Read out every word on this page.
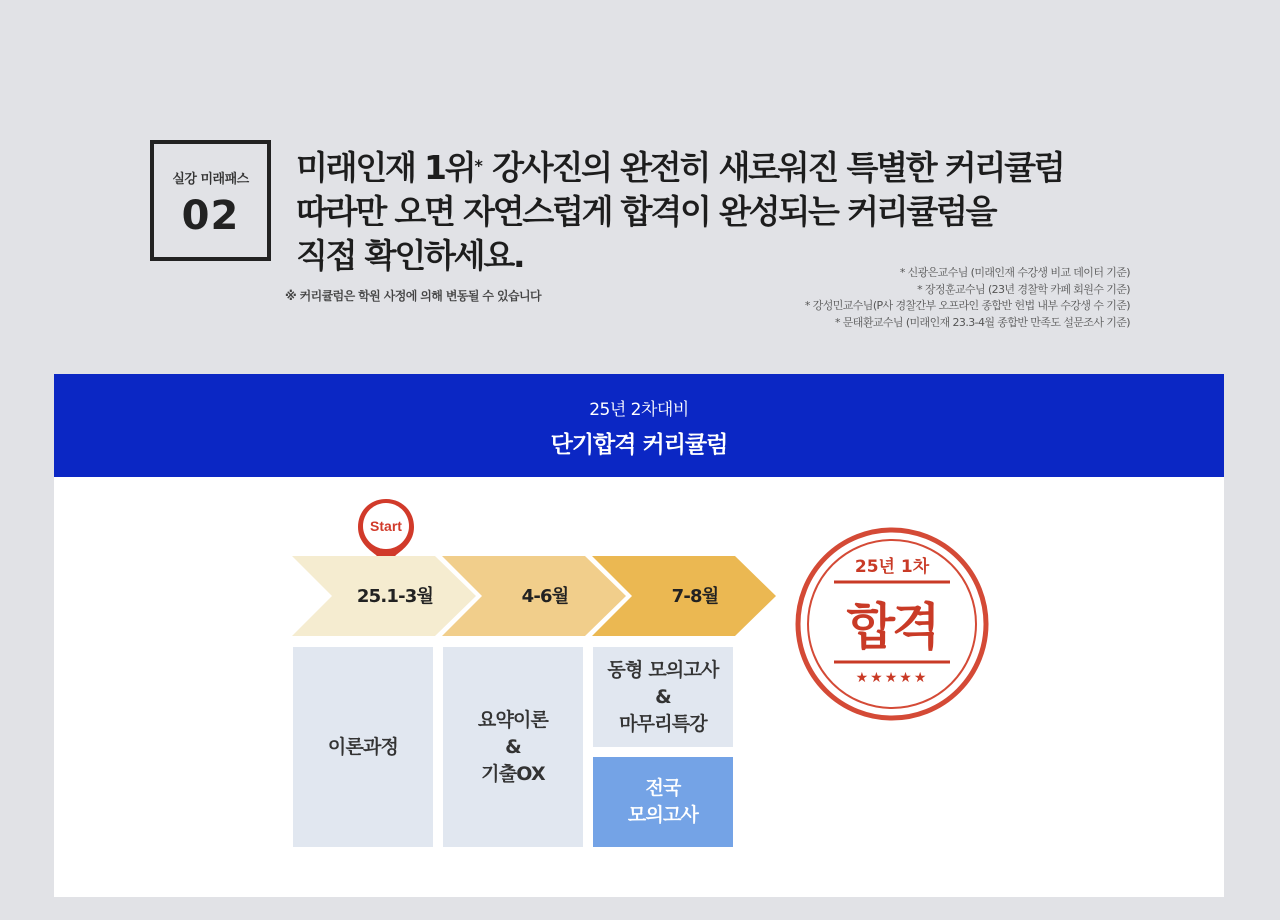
실강 미래패스
02
미래인재 1위* 강사진의 완전히 새로워진 특별한 커리큘럼
따라만 오면 자연스럽게 합격이 완성되는 커리큘럼을
직접 확인하세요.
※ 커리큘럼은 학원 사정에 의해 변동될 수 있습니다
* 신광은교수님 (미래인재 수강생 비교 데이터 기준)
* 장정훈교수님 (23년 경찰학 카페 회원수 기준)
* 강성민교수님(P사 경찰간부 오프라인 종합반 헌법 내부 수강생 수 기준)
* 문태환교수님 (미래인재 23.3-4월 종합반 만족도 설문조사 기준)
25년 2차대비
단기합격 커리큘럼
Start
25.1-3월	4-6월	7-8월
이론과정
요약이론
&
기출OX
동형 모의고사
&
마무리특강
전국
모의고사
25년 1차
합격
★★★★★
